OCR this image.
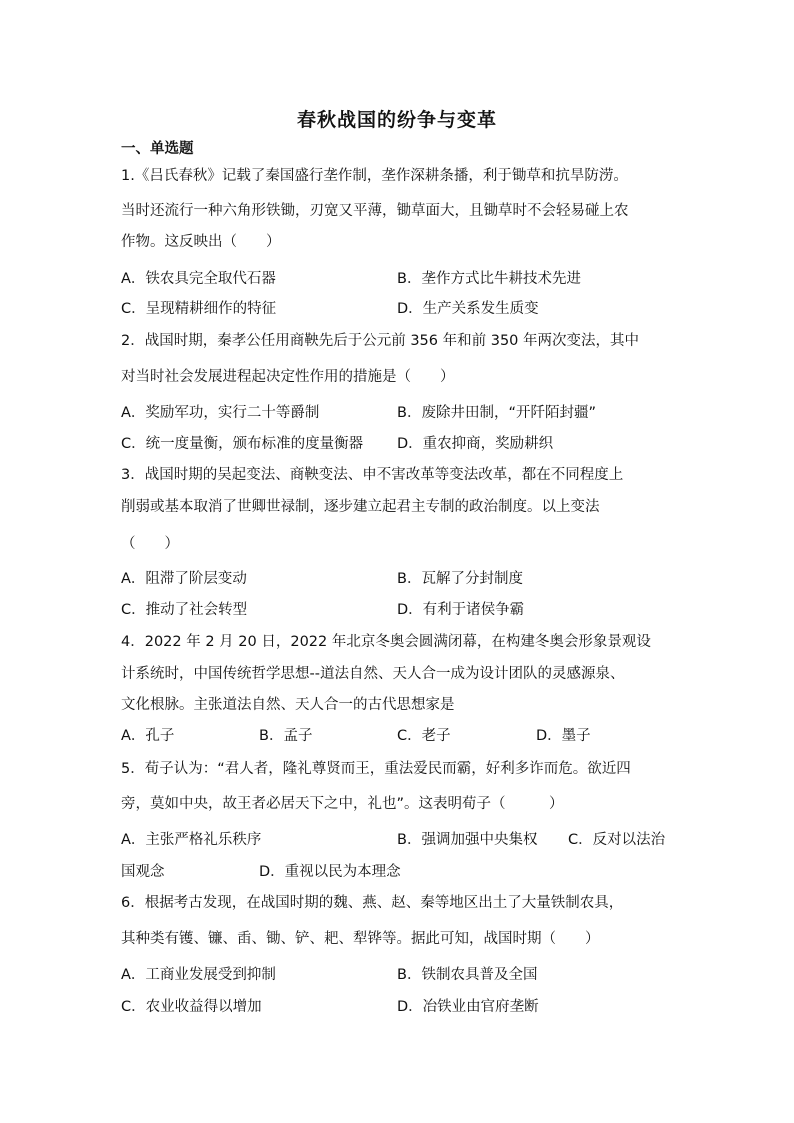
春秋战国的纷争与变革
一、单选题
1.《吕氏春秋》记载了秦国盛行垄作制，垄作深耕条播，利于锄草和抗旱防涝。
当时还流行一种六角形铁锄，刃宽又平薄，锄草面大，且锄草时不会轻易碰上农
作物。这反映出（　　）
A．铁农具完全取代石器	B．垄作方式比牛耕技术先进
C．呈现精耕细作的特征	D．生产关系发生质变
2．战国时期，秦孝公任用商鞅先后于公元前 356 年和前 350 年两次变法，其中
对当时社会发展进程起决定性作用的措施是（　　）
A．奖励军功，实行二十等爵制	B．废除井田制，“开阡陌封疆”
C．统一度量衡，颁布标准的度量衡器 D．重农抑商，奖励耕织
3．战国时期的吴起变法、商鞅变法、申不害改革等变法改革，都在不同程度上
削弱或基本取消了世卿世禄制，逐步建立起君主专制的政治制度。以上变法
（　　）
A．阻滞了阶层变动	B．瓦解了分封制度
C．推动了社会转型	D．有利于诸侯争霸
4．2022 年 2 月 20 日，2022 年北京冬奥会圆满闭幕，在构建冬奥会形象景观设
计系统时，中国传统哲学思想--道法自然、天人合一成为设计团队的灵感源泉、
文化根脉。主张道法自然、天人合一的古代思想家是
A．孔子	B．孟子	C．老子	D．墨子
5．荀子认为：“君人者，隆礼尊贤而王，重法爱民而霸，好利多诈而危。欲近四
旁，莫如中央，故王者必居天下之中，礼也”。这表明荀子（　　　）
A．主张严格礼乐秩序	B．强调加强中央集权 C．反对以法治
国观念	D．重视以民为本理念
6．根据考古发现，在战国时期的魏、燕、赵、秦等地区出土了大量铁制农具，
其种类有镬、镰、臿、锄、铲、耙、犁铧等。据此可知，战国时期（　　）
A．工商业发展受到抑制	B．铁制农具普及全国
C．农业收益得以增加	D．冶铁业由官府垄断
